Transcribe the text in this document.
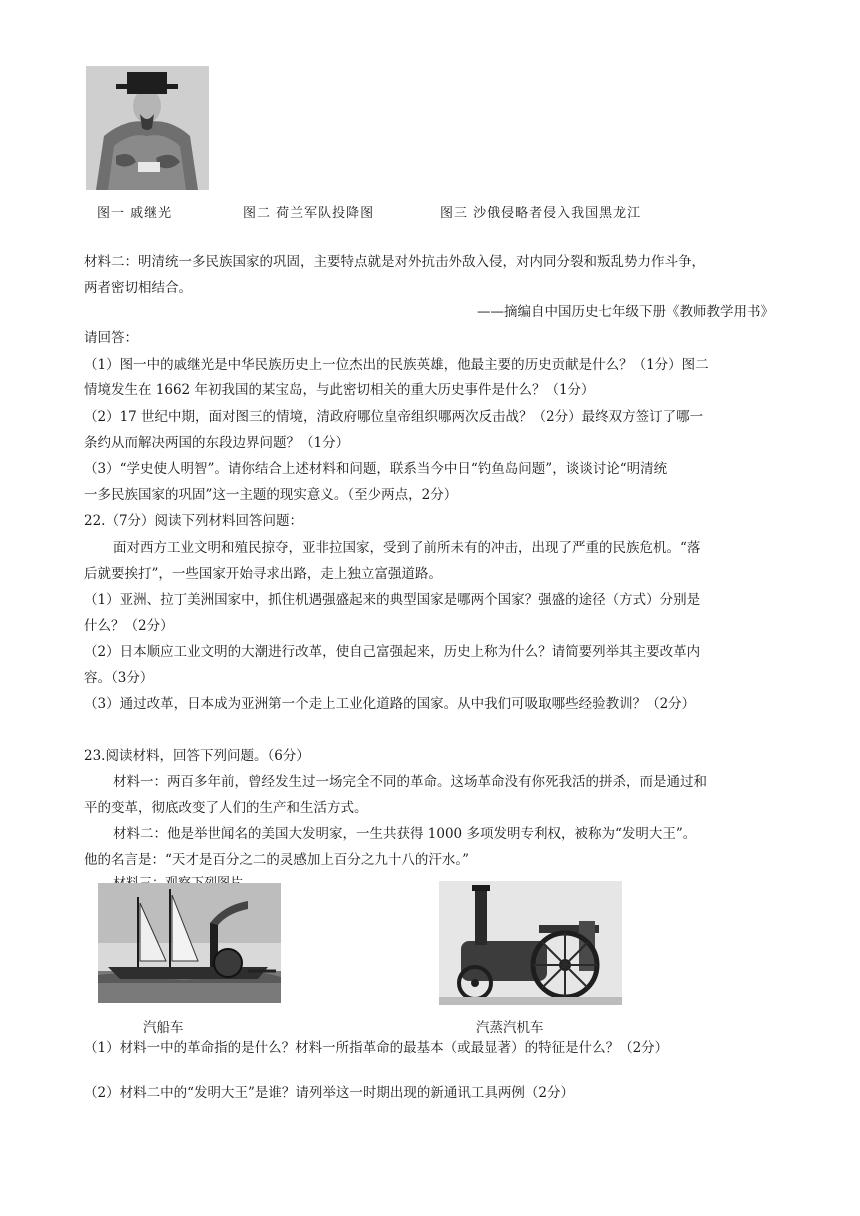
图一 戚继光	图二 荷兰军队投降图	图三 沙俄侵略者侵入我国黑龙江
材料二：明清统一多民族国家的巩固，主要特点就是对外抗击外敌入侵，对内同分裂和叛乱势力作斗争，
两者密切相结合。
——摘编自中国历史七年级下册《教师教学用书》
请回答：
（1）图一中的戚继光是中华民族历史上一位杰出的民族英雄，他最主要的历史贡献是什么？（1分）图二
情境发生在 1662 年初我国的某宝岛，与此密切相关的重大历史事件是什么？（1分）
（2）17 世纪中期，面对图三的情境，清政府哪位皇帝组织哪两次反击战？（2分）最终双方签订了哪一
条约从而解决两国的东段边界问题？（1分）
（3）“学史使人明智”。请你结合上述材料和问题，联系当今中日“钓鱼岛问题”，谈谈讨论“明清统
一多民族国家的巩固”这一主题的现实意义。（至少两点，2分）
22.（7分）阅读下列材料回答问题：
面对西方工业文明和殖民掠夺，亚非拉国家，受到了前所未有的冲击，出现了严重的民族危机。“落
后就要挨打”，一些国家开始寻求出路，走上独立富强道路。
（1）亚洲、拉丁美洲国家中，抓住机遇强盛起来的典型国家是哪两个国家？强盛的途径（方式）分别是
什么？（2分）
（2）日本顺应工业文明的大潮进行改革，使自己富强起来，历史上称为什么？请简要列举其主要改革内
容。（3分）
（3）通过改革，日本成为亚洲第一个走上工业化道路的国家。从中我们可吸取哪些经验教训？（2分）
23.阅读材料，回答下列问题。（6分）
材料一：两百多年前，曾经发生过一场完全不同的革命。这场革命没有你死我活的拼杀，而是通过和
平的变革，彻底改变了人们的生产和生活方式。
材料二：他是举世闻名的美国大发明家，一生共获得 1000 多项发明专利权，被称为“发明大王”。
他的名言是：“天才是百分之二的灵感加上百分之九十八的汗水。”
汽船车	汽蒸汽机车
（1）材料一中的革命指的是什么？材料一所指革命的最基本（或最显著）的特征是什么？（2分）
（2）材料二中的“发明大王”是谁？请列举这一时期出现的新通讯工具两例（2分）
